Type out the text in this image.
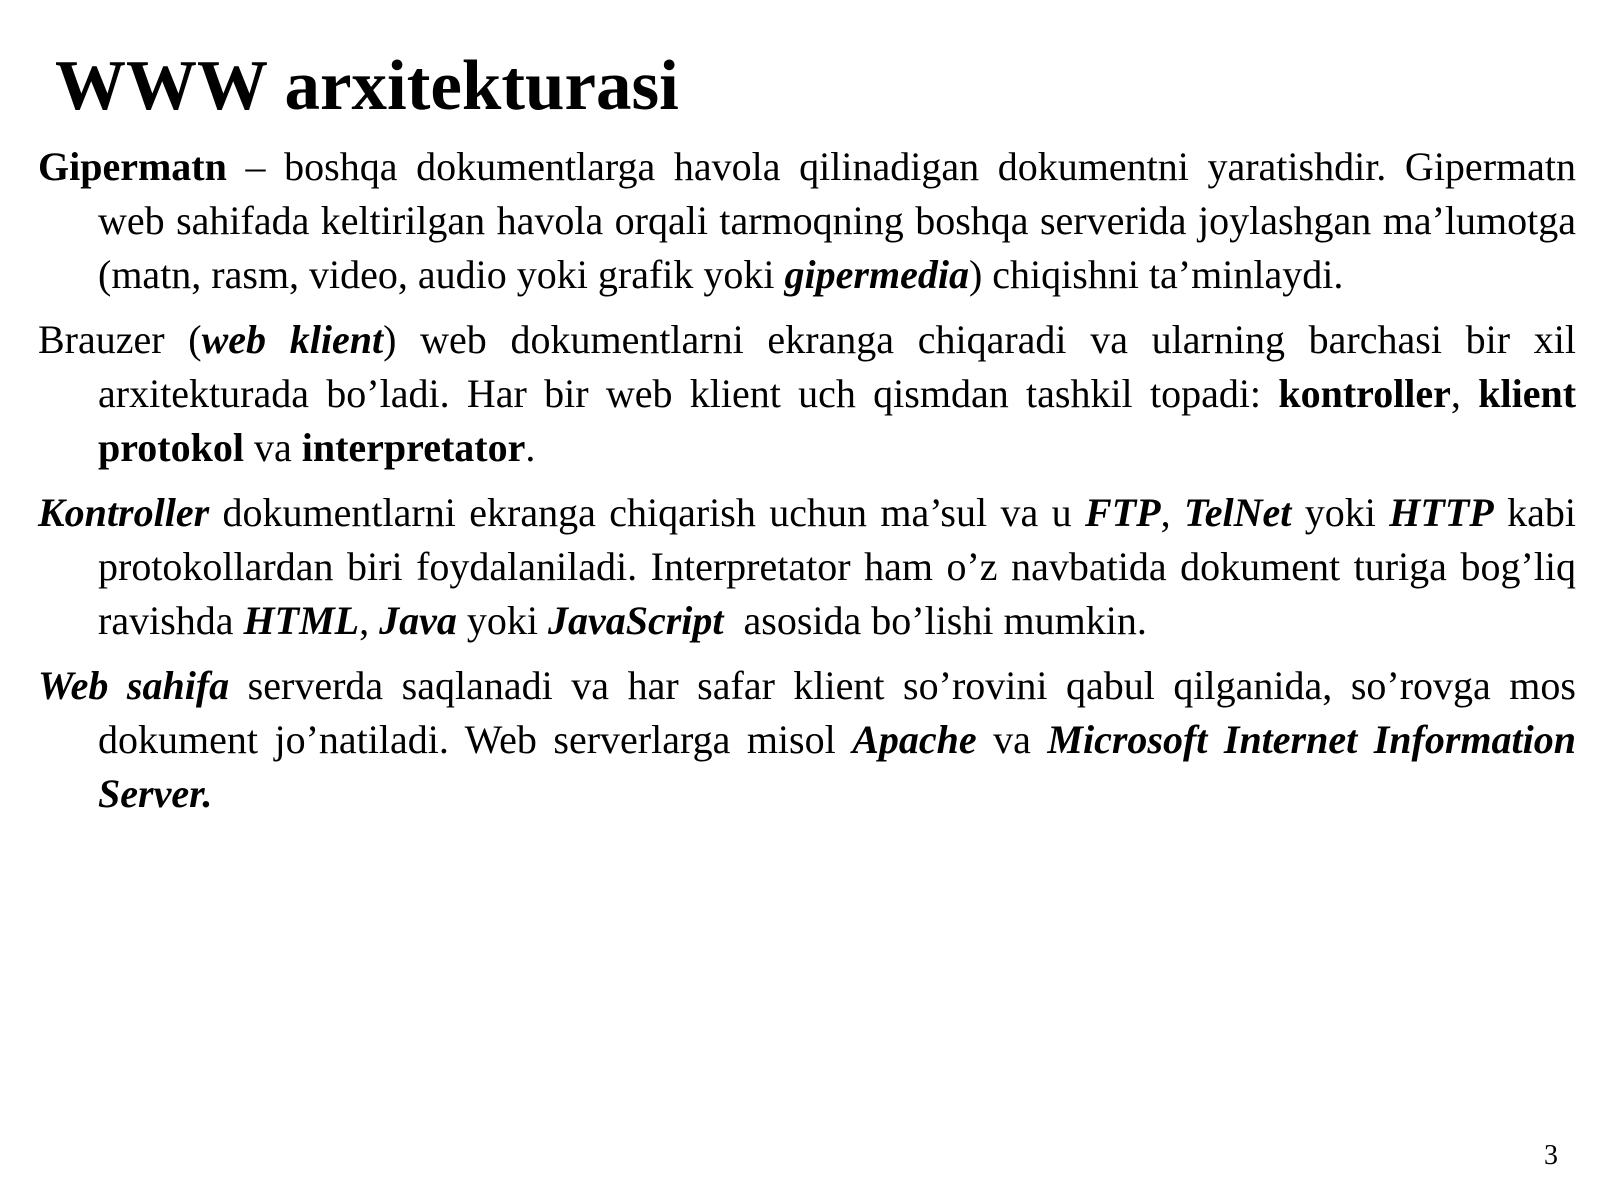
WWW arxitekturasi

Gipermatn – boshqa dokumentlarga havola qilinadigan dokumentni yaratishdir. Gipermatn web sahifada keltirilgan havola orqali tarmoqning boshqa serverida joylashgan ma’lumotga (matn, rasm, video, audio yoki grafik yoki gipermedia) chiqishni ta’minlaydi.

Brauzer (web klient) web dokumentlarni ekranga chiqaradi va ularning barchasi bir xil arxitekturada bo’ladi. Har bir web klient uch qismdan tashkil topadi: kontroller, klient protokol va interpretator.

Kontroller dokumentlarni ekranga chiqarish uchun ma’sul va u FTP, TelNet yoki HTTP kabi protokollardan biri foydalaniladi. Interpretator ham o’z navbatida dokument turiga bog’liq ravishda HTML, Java yoki JavaScript  asosida bo’lishi mumkin.

Web sahifa serverda saqlanadi va har safar klient so’rovini qabul qilganida, so’rovga mos dokument jo’natiladi. Web serverlarga misol Apache va Microsoft Internet Information Server.

3
